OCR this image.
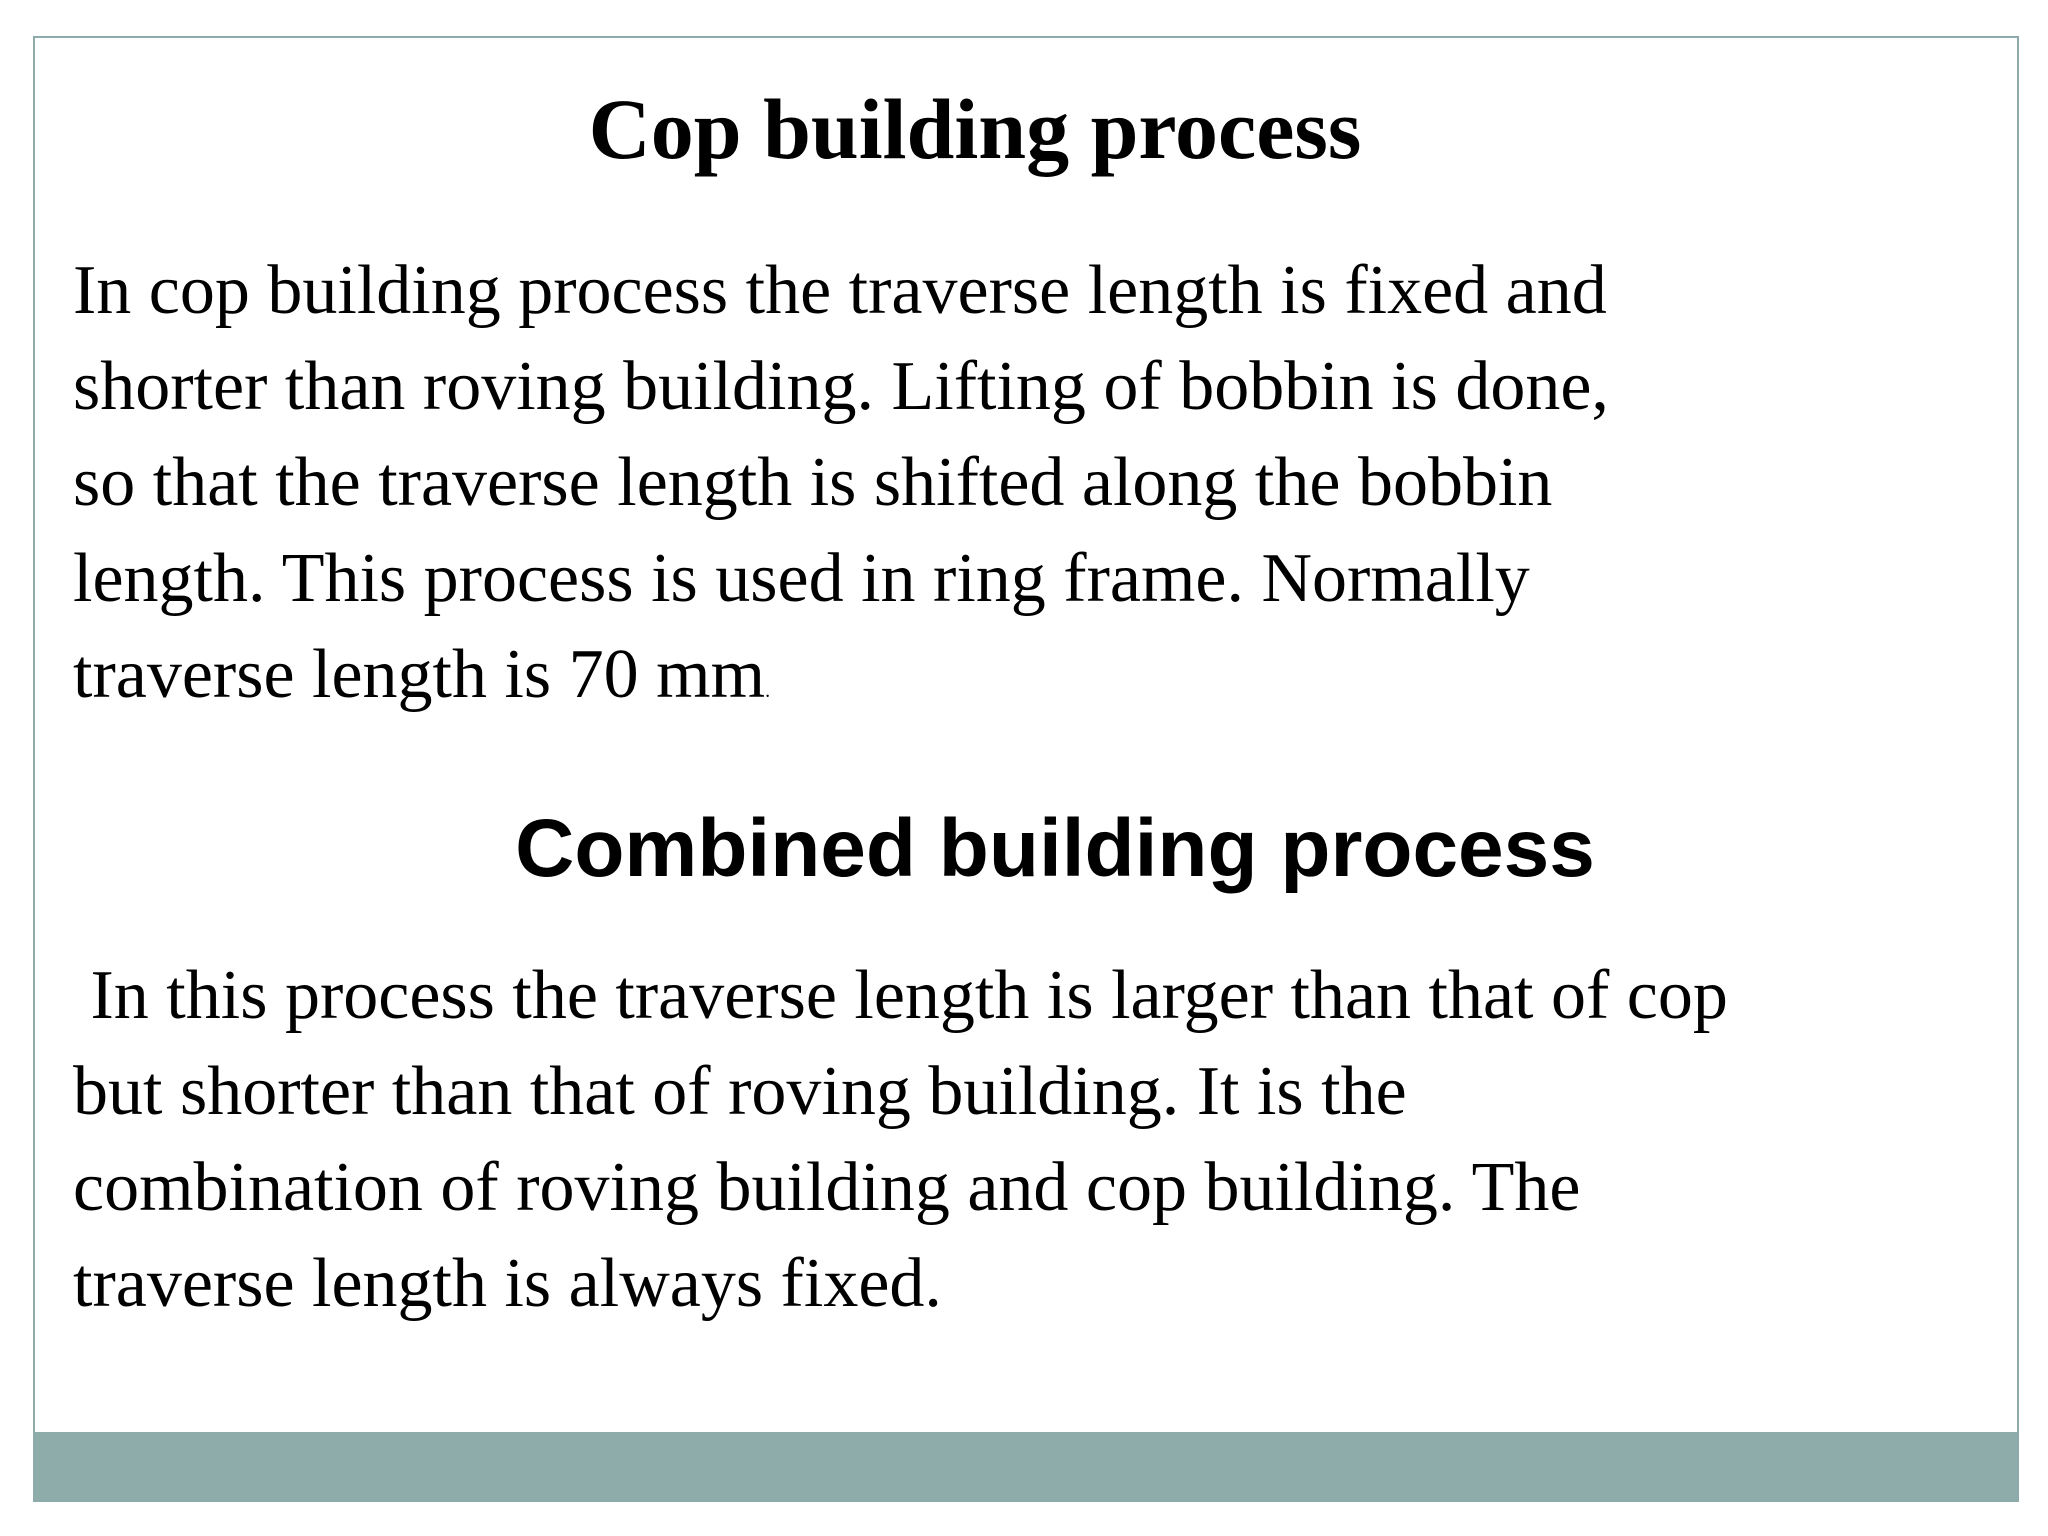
Cop building process

In cop building process the traverse length is fixed and
shorter than roving building. Lifting of bobbin is done,
so that the traverse length is shifted along the bobbin
length. This process is used in ring frame. Normally
traverse length is 70 mm.

Combined building process

In this process the traverse length is larger than that of cop
but shorter than that of roving building. It is the
combination of roving building and cop building. The
traverse length is always fixed.
